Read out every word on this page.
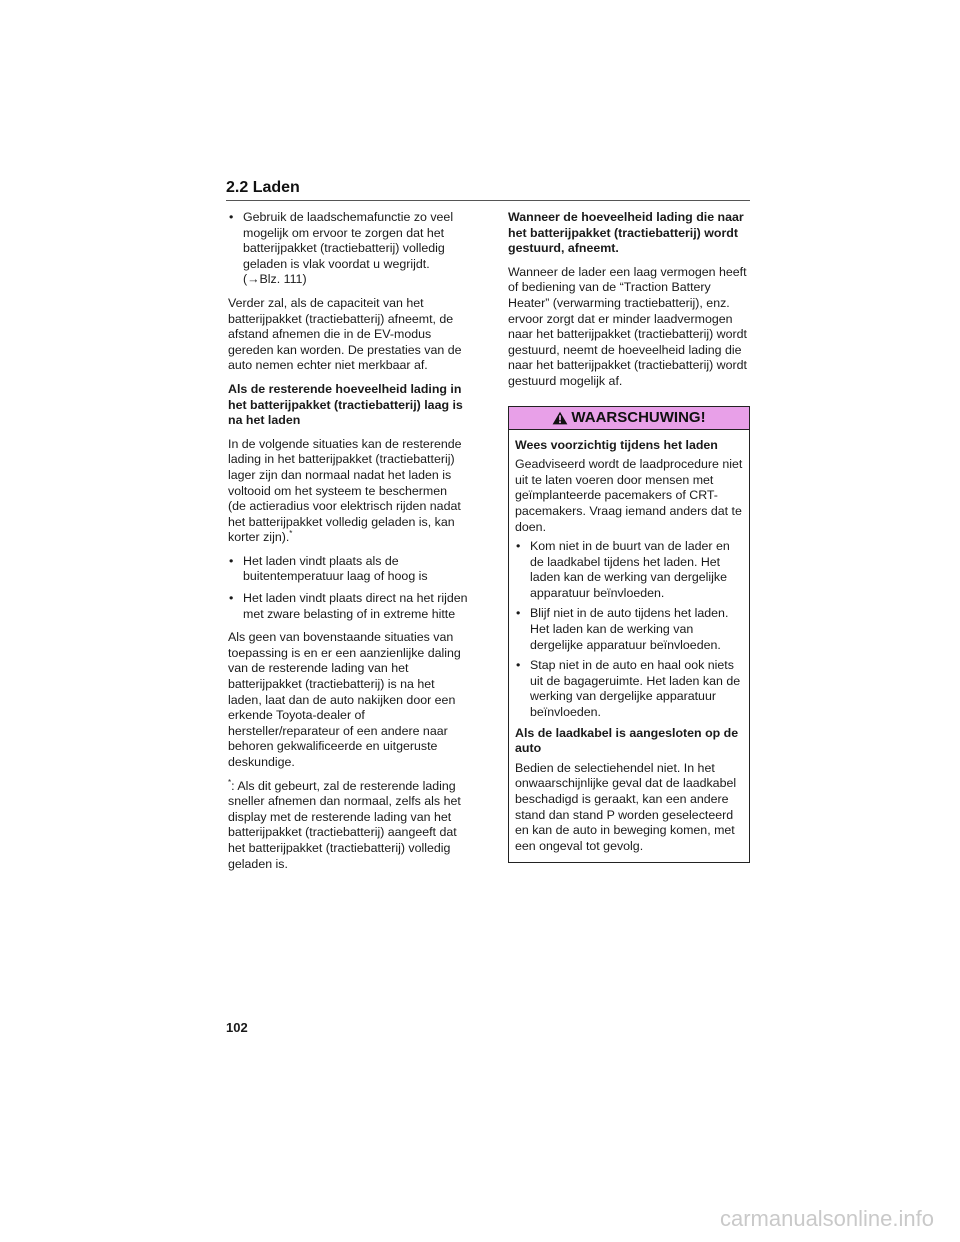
2.2 Laden
• Gebruik de laadschemafunctie zo veel mogelijk om ervoor te zorgen dat het batterijpakket (tractiebatterij) volledig geladen is vlak voordat u wegrijdt. (→Blz. 111)

Verder zal, als de capaciteit van het batterijpakket (tractiebatterij) afneemt, de afstand afnemen die in de EV-modus gereden kan worden. De prestaties van de auto nemen echter niet merkbaar af.

Als de resterende hoeveelheid lading in het batterijpakket (tractiebatterij) laag is na het laden

In de volgende situaties kan de resterende lading in het batterijpakket (tractiebatterij) lager zijn dan normaal nadat het laden is voltooid om het systeem te beschermen (de actieradius voor elektrisch rijden nadat het batterijpakket volledig geladen is, kan korter zijn).*

• Het laden vindt plaats als de buitentemperatuur laag of hoog is
• Het laden vindt plaats direct na het rijden met zware belasting of in extreme hitte

Als geen van bovenstaande situaties van toepassing is en er een aanzienlijke daling van de resterende lading van het batterijpakket (tractiebatterij) is na het laden, laat dan de auto nakijken door een erkende Toyota-dealer of hersteller/reparateur of een andere naar behoren gekwalificeerde en uitgeruste deskundige.

*: Als dit gebeurt, zal de resterende lading sneller afnemen dan normaal, zelfs als het display met de resterende lading van het batterijpakket (tractiebatterij) aangeeft dat het batterijpakket (tractiebatterij) volledig geladen is.

Wanneer de hoeveelheid lading die naar het batterijpakket (tractiebatterij) wordt gestuurd, afneemt.

Wanneer de lader een laag vermogen heeft of bediening van de “Traction Battery Heater” (verwarming tractiebatterij), enz. ervoor zorgt dat er minder laadvermogen naar het batterijpakket (tractiebatterij) wordt gestuurd, neemt de hoeveelheid lading die naar het batterijpakket (tractiebatterij) wordt gestuurd mogelijk af.

WAARSCHUWING!

Wees voorzichtig tijdens het laden

Geadviseerd wordt de laadprocedure niet uit te laten voeren door mensen met geïmplanteerde pacemakers of CRT-pacemakers. Vraag iemand anders dat te doen.

• Kom niet in de buurt van de lader en de laadkabel tijdens het laden. Het laden kan de werking van dergelijke apparatuur beïnvloeden.
• Blijf niet in de auto tijdens het laden. Het laden kan de werking van dergelijke apparatuur beïnvloeden.
• Stap niet in de auto en haal ook niets uit de bagageruimte. Het laden kan de werking van dergelijke apparatuur beïnvloeden.

Als de laadkabel is aangesloten op de auto

Bedien de selectiehendel niet. In het onwaarschijnlijke geval dat de laadkabel beschadigd is geraakt, kan een andere stand dan stand P worden geselecteerd en kan de auto in beweging komen, met een ongeval tot gevolg.

102
carmanualsonline.info
